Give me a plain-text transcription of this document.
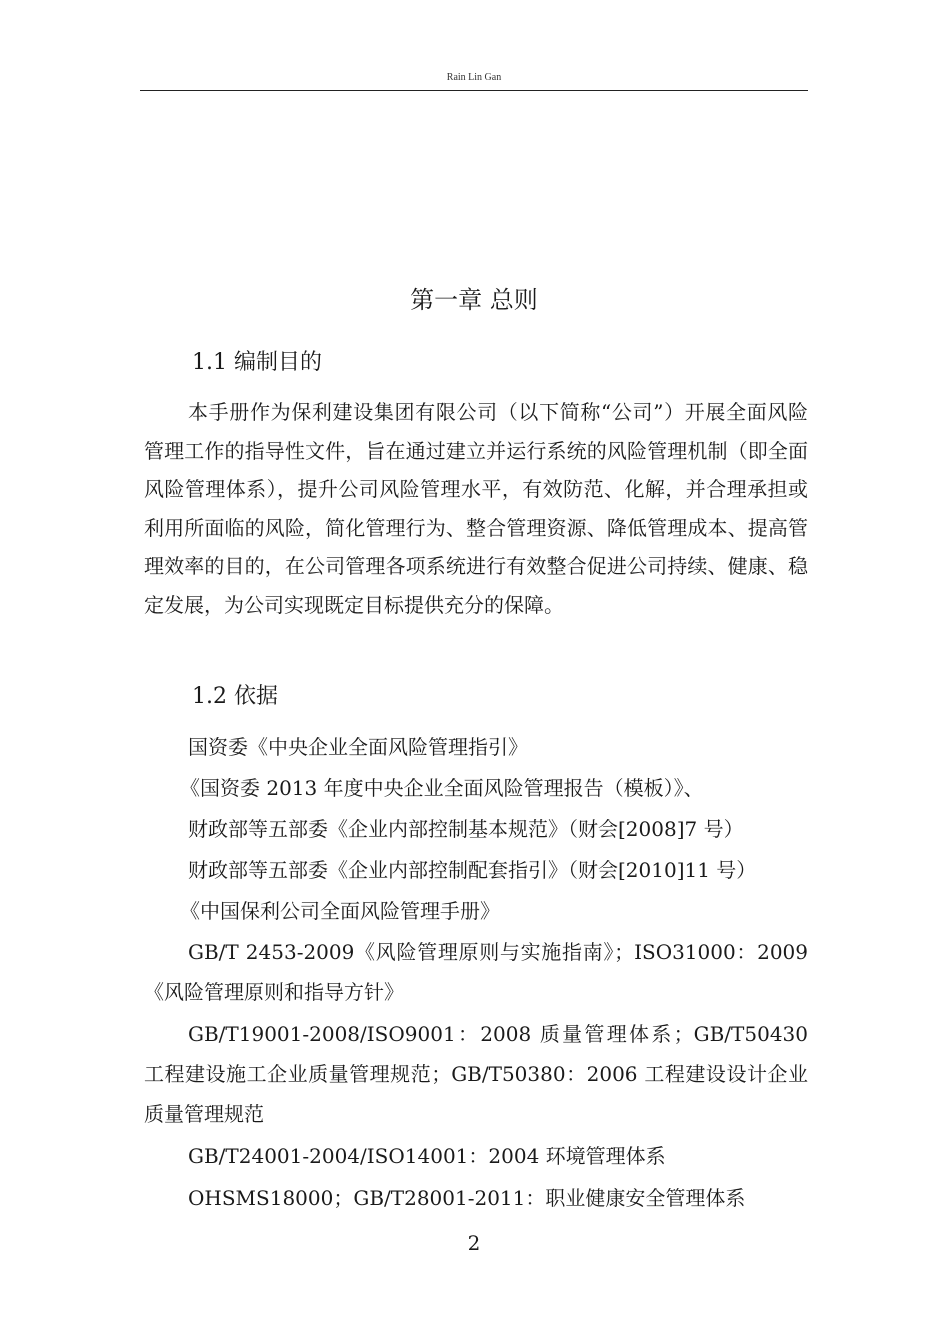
Rain Lin Gan
第一章 总则
1.1 编制目的

本手册作为保利建设集团有限公司（以下简称“公司”）开展全面风险管理工作的指导性文件，旨在通过建立并运行系统的风险管理机制（即全面风险管理体系），提升公司风险管理水平，有效防范、化解，并合理承担或利用所面临的风险，简化管理行为、整合管理资源、降低管理成本、提高管理效率的目的，在公司管理各项系统进行有效整合促进公司持续、健康、稳定发展，为公司实现既定目标提供充分的保障。

1.2 依据
国资委《中央企业全面风险管理指引》
《国资委 2013 年度中央企业全面风险管理报告（模板）》、
财政部等五部委《企业内部控制基本规范》（财会[2008]7 号）
财政部等五部委《企业内部控制配套指引》（财会[2010]11 号）
《中国保利公司全面风险管理手册》

GB/T 2453-2009《风险管理原则与实施指南》；ISO31000：2009《风险管理原则和指导方针》

GB/T19001-2008/ISO9001：2008 质量管理体系；GB/T50430 工程建设施工企业质量管理规范；GB/T50380：2006 工程建设设计企业质量管理规范

GB/T24001-2004/ISO14001：2004 环境管理体系
OHSMS18000；GB/T28001-2011：职业健康安全管理体系
2
